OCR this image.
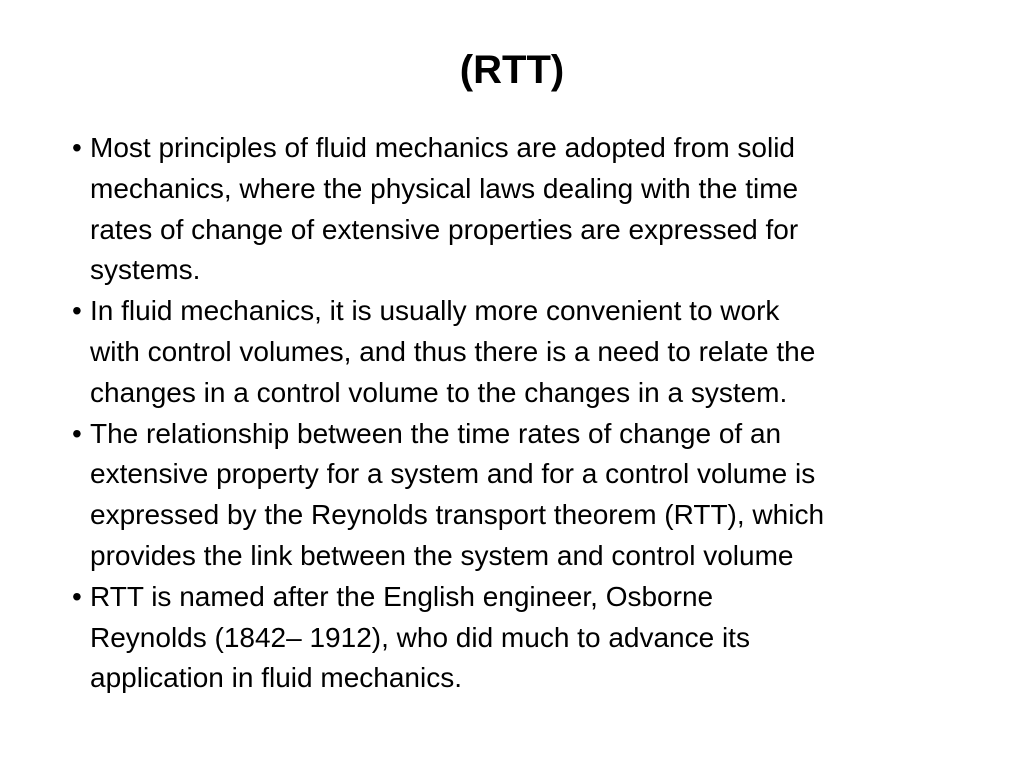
(RTT)
• Most principles of fluid mechanics are adopted from solid
mechanics, where the physical laws dealing with the time
rates of change of extensive properties are expressed for
systems.
• In fluid mechanics, it is usually more convenient to work
with control volumes, and thus there is a need to relate the
changes in a control volume to the changes in a system.
• The relationship between the time rates of change of an
extensive property for a system and for a control volume is
expressed by the Reynolds transport theorem (RTT), which
provides the link between the system and control volume
• RTT is named after the English engineer, Osborne
Reynolds (1842– 1912), who did much to advance its
application in fluid mechanics.
